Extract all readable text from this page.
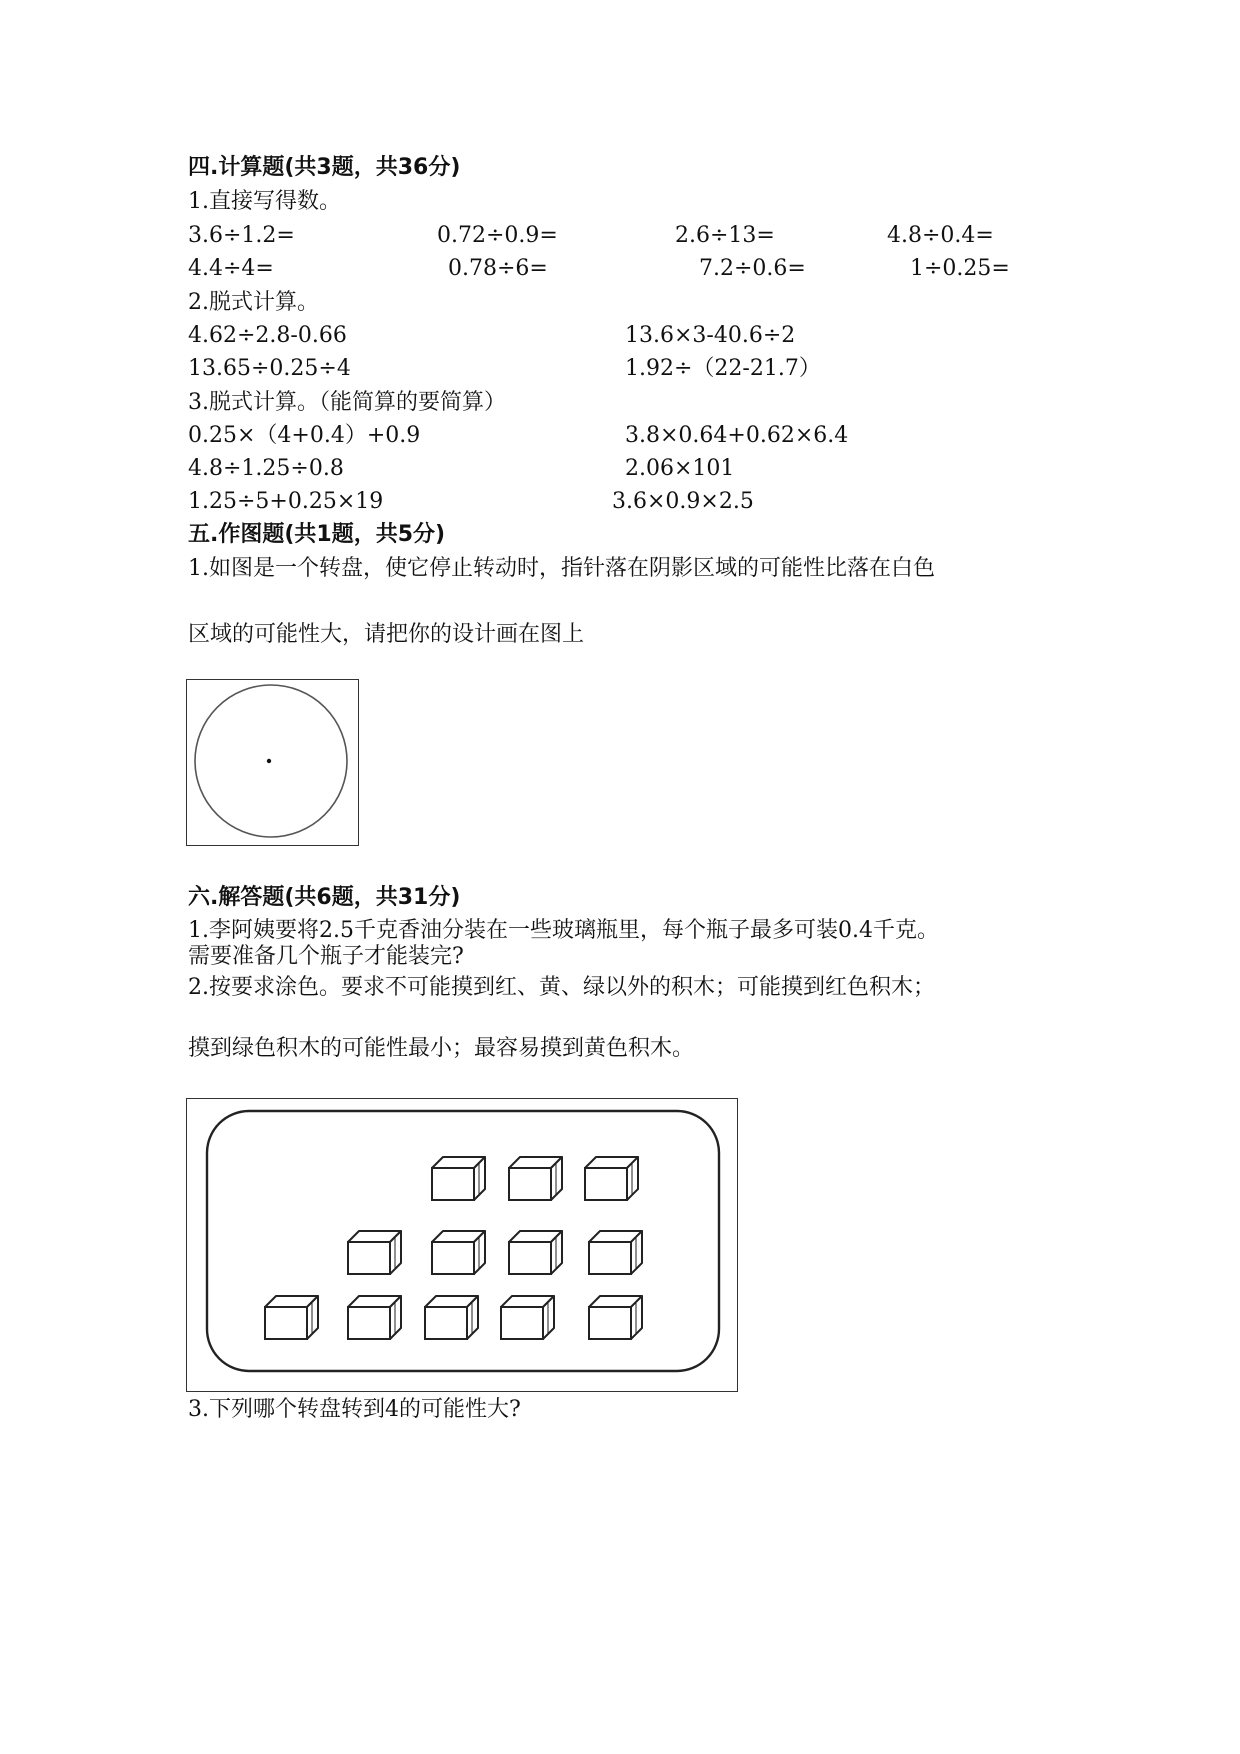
四.计算题(共3题，共36分)
1.直接写得数。
3.6÷1.2=	0.72÷0.9=	2.6÷13=	4.8÷0.4=
4.4÷4=	0.78÷6=	7.2÷0.6=	1÷0.25=
2.脱式计算。
4.62÷2.8-0.66	13.6×3-40.6÷2
13.65÷0.25÷4	1.92÷（22-21.7）
3.脱式计算。（能简算的要简算）
0.25×（4+0.4）+0.9	3.8×0.64+0.62×6.4
4.8÷1.25÷0.8	2.06×101
1.25÷5+0.25×19	3.6×0.9×2.5
五.作图题(共1题，共5分)
1.如图是一个转盘，使它停止转动时，指针落在阴影区域的可能性比落在白色
区域的可能性大，请把你的设计画在图上
六.解答题(共6题，共31分)
1.李阿姨要将2.5千克香油分装在一些玻璃瓶里，每个瓶子最多可装0.4千克。
需要准备几个瓶子才能装完?
2.按要求涂色。要求不可能摸到红、黄、绿以外的积木；可能摸到红色积木；
摸到绿色积木的可能性最小；最容易摸到黄色积木。
3.下列哪个转盘转到4的可能性大?
